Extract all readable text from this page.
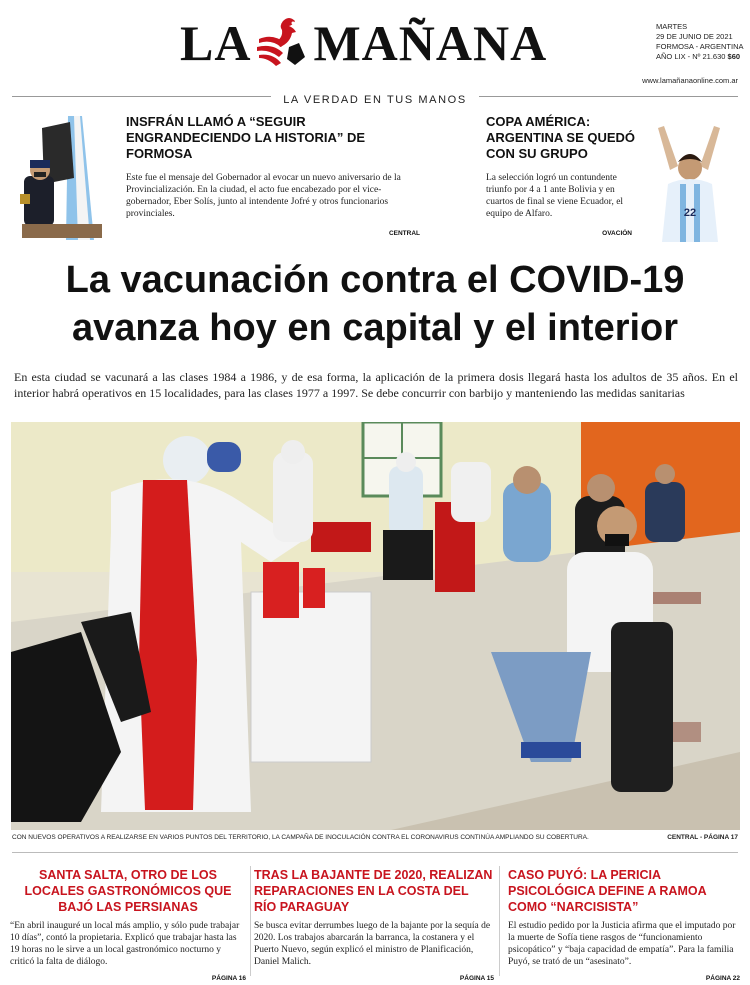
LA MAÑANA	MARTES
29 DE JUNIO DE 2021
FORMOSA - ARGENTINA
AÑO LIX - Nº 21.630 $60
www.lamañanaonline.com.ar
LA VERDAD EN TUS MANOS
INSFRÁN LLAMÓ A “SEGUIR ENGRANDECIENDO LA HISTORIA” DE FORMOSA

Este fue el mensaje del Gobernador al evocar un nuevo aniversario de la Provincialización. En la ciudad, el acto fue encabezado por el vice-gobernador, Eber Solís, junto al intendente Jofré y otros funcionarios provinciales.

CENTRAL
COPA AMÉRICA: ARGENTINA SE QUEDÓ CON SU GRUPO

La selección logró un contundente triunfo por 4 a 1 ante Bolivia y en cuartos de final se viene Ecuador, el equipo de Alfaro.

OVACIÓN
22
La vacunación contra el COVID-19
avanza hoy en capital y el interior
En esta ciudad se vacunará a las clases 1984 a 1986, y de esa forma, la aplicación de la primera dosis llegará hasta los adultos de 35 años. En el interior habrá operativos en 15 localidades, para las clases 1977 a 1997. Se debe concurrir con barbijo y manteniendo las medidas sanitarias
CON NUEVOS OPERATIVOS A REALIZARSE EN VARIOS PUNTOS DEL TERRITORIO, LA CAMPAÑA DE INOCULACIÓN CONTRA EL CORONAVIRUS CONTINÚA AMPLIANDO SU COBERTURA.	CENTRAL - PÁGINA 17
SANTA SALTA, OTRO DE LOS LOCALES GASTRONÓMICOS QUE BAJÓ LAS PERSIANAS

“En abril inauguré un local más amplio, y sólo pude trabajar 10 días”, contó la propietaria. Explicó que trabajar hasta las 19 horas no le sirve a un local gastronómico nocturno y criticó la falta de diálogo.

PÁGINA 16
TRAS LA BAJANTE DE 2020, REALIZAN REPARACIONES EN LA COSTA DEL RÍO PARAGUAY

Se busca evitar derrumbes luego de la bajante por la sequía de 2020. Los trabajos abarcarán la barranca, la costanera y el Puerto Nuevo, según explicó el ministro de Planificación, Daniel Malich.

PÁGINA 15
CASO PUYÓ: LA PERICIA PSICOLÓGICA DEFINE A RAMOA COMO “NARCISISTA”

El estudio pedido por la Justicia afirma que el imputado por la muerte de Sofía tiene rasgos de “funcionamiento psicopático” y “baja capacidad de empatía”. Para la familia Puyó, se trató de un “asesinato”.

PÁGINA 22
